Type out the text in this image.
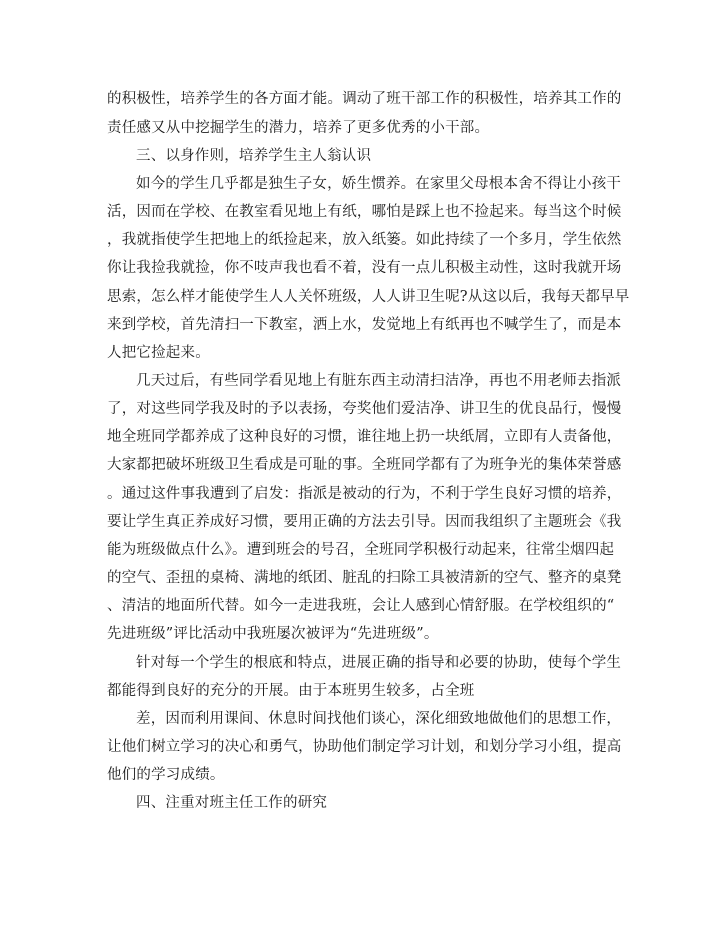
的积极性，培养学生的各方面才能。调动了班干部工作的积极性，培养其工作的
责任感又从中挖掘学生的潜力，培养了更多优秀的小干部。
三、以身作则，培养学生主人翁认识
如今的学生几乎都是独生子女，娇生惯养。在家里父母根本舍不得让小孩干
活，因而在学校、在教室看见地上有纸，哪怕是踩上也不捡起来。每当这个时候
，我就指使学生把地上的纸捡起来，放入纸篓。如此持续了一个多月，学生依然
你让我捡我就捡，你不吱声我也看不着，没有一点儿积极主动性，这时我就开场
思索，怎么样才能使学生人人关怀班级，人人讲卫生呢?从这以后，我每天都早早
来到学校，首先清扫一下教室，洒上水，发觉地上有纸再也不喊学生了，而是本
人把它捡起来。
几天过后，有些同学看见地上有脏东西主动清扫洁净，再也不用老师去指派
了，对这些同学我及时的予以表扬，夸奖他们爱洁净、讲卫生的优良品行，慢慢
地全班同学都养成了这种良好的习惯，谁往地上扔一块纸屑，立即有人责备他，
大家都把破坏班级卫生看成是可耻的事。全班同学都有了为班争光的集体荣誉感
。通过这件事我遭到了启发：指派是被动的行为，不利于学生良好习惯的培养，
要让学生真正养成好习惯，要用正确的方法去引导。因而我组织了主题班会《我
能为班级做点什么》。遭到班会的号召，全班同学积极行动起来，往常尘烟四起
的空气、歪扭的桌椅、满地的纸团、脏乱的扫除工具被清新的空气、整齐的桌凳
、清洁的地面所代替。如今一走进我班，会让人感到心情舒服。在学校组织的“
先进班级”评比活动中我班屡次被评为“先进班级”。
针对每一个学生的根底和特点，进展正确的指导和必要的协助，使每个学生
都能得到良好的充分的开展。由于本班男生较多，占全班
差，因而利用课间、休息时间找他们谈心，深化细致地做他们的思想工作，
让他们树立学习的决心和勇气，协助他们制定学习计划，和划分学习小组，提高
他们的学习成绩。
四、注重对班主任工作的研究
